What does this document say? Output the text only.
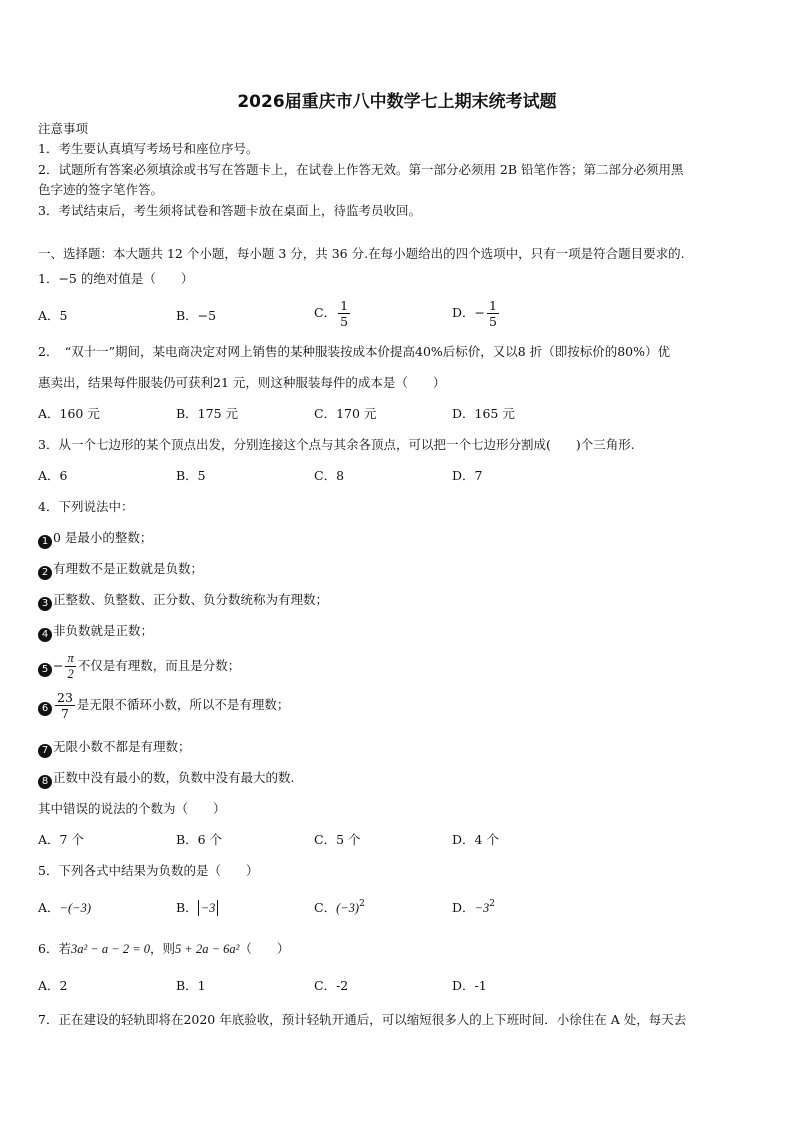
2026届重庆市八中数学七上期末统考试题
注意事项
1．考生要认真填写考场号和座位序号。
2．试题所有答案必须填涂或书写在答题卡上，在试卷上作答无效。第一部分必须用 2B 铅笔作答；第二部分必须用黑
色字迹的签字笔作答。
3．考试结束后，考生须将试卷和答题卡放在桌面上，待监考员收回。
一、选择题：本大题共 12 个小题，每小题 3 分，共 36 分.在每小题给出的四个选项中，只有一项是符合题目要求的.
1．−5 的绝对值是（　　）
A．5	B．−5	C． $\frac{1}{5}$	D．− $\frac{1}{5}$
2．　“双十一”期间，某电商决定对网上销售的某种服装按成本价提高40%后标价，又以8 折（即按标价的80%）优
惠卖出，结果每件服装仍可获利21 元，则这种服装每件的成本是（　　）
A．160 元	B．175 元	C．170 元	D．165 元
3．从一个七边形的某个顶点出发，分别连接这个点与其余各顶点，可以把一个七边形分割成(　　)个三角形.
A．6	B．5	C．8	D．7
4．下列说法中：
1 0 是最小的整数；
2 有理数不是正数就是负数；
3 正整数、负整数、正分数、负分数统称为有理数；
4 非负数就是正数；
$5 - \frac{\pi}{2}$ 不仅是有理数，而且是分数；
$6 \frac{23}{7}$ 是无限不循环小数，所以不是有理数；
7 无限小数不都是有理数；
8 正数中没有最小的数，负数中没有最大的数.
其中错误的说法的个数为（　　）
A．7 个	B．6 个	C．5 个	D．4 个
5．下列各式中结果为负数的是（　　）
A．−(−3)	B． −3	C．$(-3)^2$	D．$-3^2$
6．若3a² − a − 2 = 0，则5 + 2a − 6a²（　　）
A．2	B．1	C．-2	D．-1
7．正在建设的轻轨即将在2020 年底验收，预计轻轨开通后，可以缩短很多人的上下班时间．小徐住在 A 处，每天去
